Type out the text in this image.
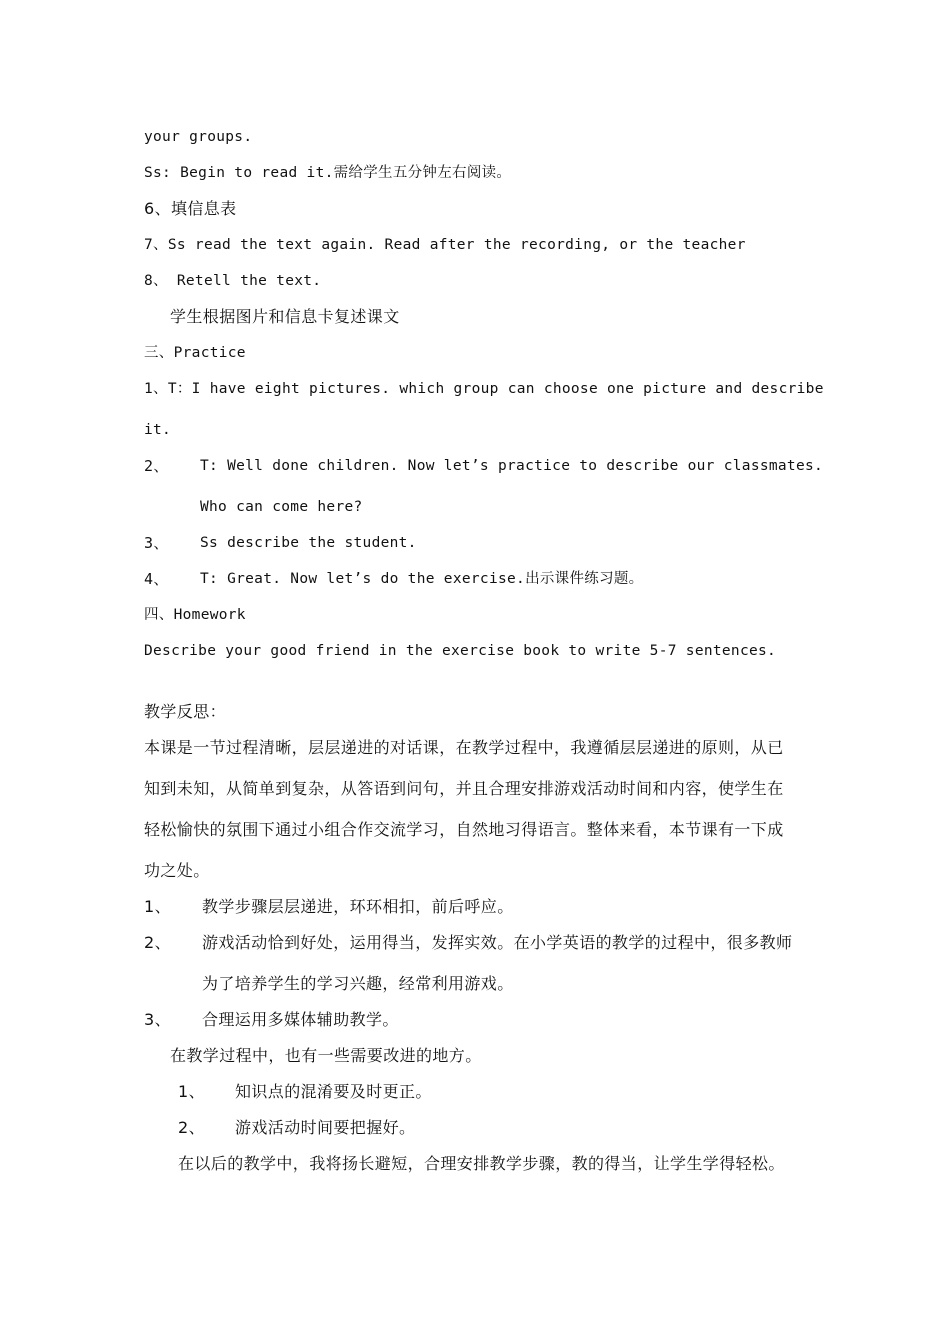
your groups.
Ss: Begin to read it.需给学生五分钟左右阅读。
6、填信息表
7、Ss read the text again. Read after the recording, or the teacher
8、 Retell the text.
学生根据图片和信息卡复述课文
三、Practice
1、T：I have eight pictures. which group can choose one picture and describe
it.
2、 T: Well done children. Now let’s practice to describe our classmates.
Who can come here?
3、 Ss describe the student.
4、 T: Great. Now let’s do the exercise.出示课件练习题。
四、Homework
Describe your good friend in the exercise book to write 5-7 sentences.
教学反思：
本课是一节过程清晰，层层递进的对话课，在教学过程中，我遵循层层递进的原则，从已
知到未知，从简单到复杂，从答语到问句，并且合理安排游戏活动时间和内容，使学生在
轻松愉快的氛围下通过小组合作交流学习，自然地习得语言。整体来看，本节课有一下成
功之处。
1、 教学步骤层层递进，环环相扣，前后呼应。
2、 游戏活动恰到好处，运用得当，发挥实效。在小学英语的教学的过程中，很多教师
为了培养学生的学习兴趣，经常利用游戏。
3、 合理运用多媒体辅助教学。
在教学过程中，也有一些需要改进的地方。
1、 知识点的混淆要及时更正。
2、 游戏活动时间要把握好。
在以后的教学中，我将扬长避短，合理安排教学步骤，教的得当，让学生学得轻松。
